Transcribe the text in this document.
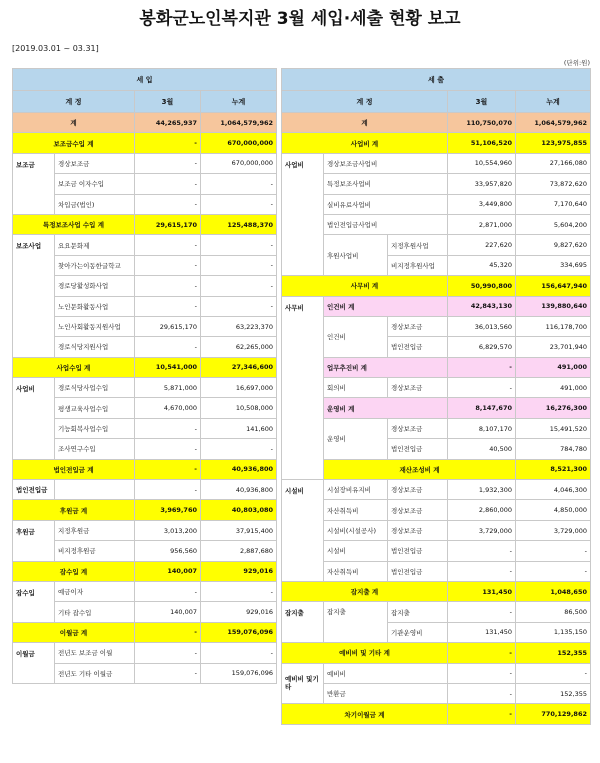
봉화군노인복지관 3월 세입·세출 현황 보고
[2019.03.01 ~ 03.31]
(단위:원)
세 입			
계 정		3월	누계
계		44,265,937	1,064,579,962
보조금수입 계		-	670,000,000
보조금	경상보조금	-	670,000,000
	보조금 이자수입	-	-
	차입금(법인)	-	-
특정보조사업 수입 계		29,615,170	125,488,370
보조사업	요요문화제	-	-
	찾아가는이동한글학교	-	-
	경로당활성화사업	-	-
	노인문화활동사업	-	-
	노인사회활동지원사업	29,615,170	63,223,370
	경로식당지원사업	-	62,265,000
사업수입 계		10,541,000	27,346,600
사업비	경로식당사업수입	5,871,000	16,697,000
	평생교육사업수입	4,670,000	10,508,000
	기능회복사업수입	-	141,600
	조사연구수입	-	-
법인전입금 계		-	40,936,800
법인전입금		-	40,936,800
후원금 계		3,969,760	40,803,080
후원금	지정후원금	3,013,200	37,915,400
	비지정후원금	956,560	2,887,680
잡수입 계		140,007	929,016
잡수입	예금이자	-	-
	기타 잡수입	140,007	929,016
이월금 계		-	159,076,096
이월금	전년도 보조금 이월	-	-
	전년도 기타 이월금	-	159,076,096
세 출					
계 정			3월	누계	
계			110,750,070	1,064,579,962	
사업비 계			51,106,520	123,975,855	
사업비	경상보조금사업비		10,554,960	27,166,080	
	특정보조사업비		33,957,820	73,872,620	
	실비유료사업비		3,449,800	7,170,640	
	법인전입금사업비		2,871,000	5,604,200	
	후원사업비	지정후원사업	227,620	9,827,620	
		비지정후원사업	45,320	334,695	
사무비 계			50,990,800	156,647,940	
사무비	인건비 계		42,843,130	139,880,640	
	인건비	경상보조금	36,013,560	116,178,700	
		법인전입금	6,829,570	23,701,940	
	업무추진비 계		-	491,000	
	회의비	경상보조금	-	491,000	
	운영비 계		8,147,670	16,276,300	
	운영비	경상보조금	8,107,170	15,491,520	
		법인전입금	40,500	784,780	
	재산조성비 계			8,521,300	
시설비	시설장비유지비	경상보조금	1,932,300	4,046,300	
	자산취득비	경상보조금	2,860,000	4,850,000	
	시설비(시설공사)	경상보조금	3,729,000	3,729,000	
	시설비	법인전입금	-	-	
	자산취득비	법인전입금	-	-	
잡지출 계			131,450	1,048,650	
잡지출	잡지출	잡지출	-	86,500	
		기관운영비	131,450	1,135,150	
예비비 및 기타 계			-	152,355	
예비비 및기타	예비비		-	-	
	반환금		-	152,355	
차기이월금 계			-	770,129,862	
